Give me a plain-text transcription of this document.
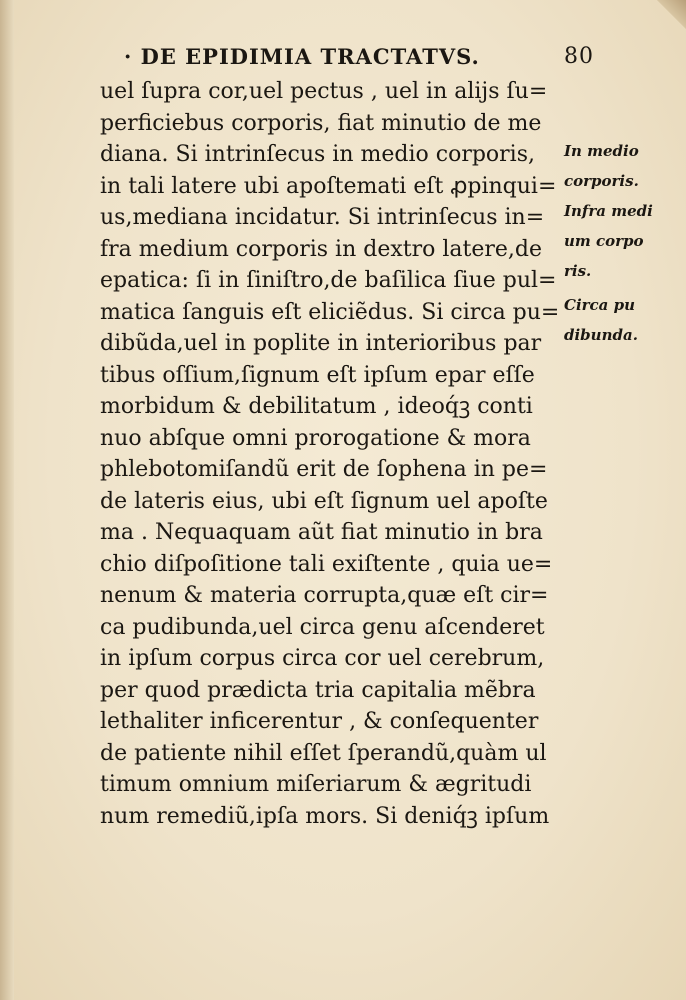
· DE EPIDIMIA TRACTATVS.	80
uel ſupra cor,uel pectus , uel in alijs ſu=
perficiebus corporis, fiat minutio de me
diana. Si intrinſecus in medio corporis,
in tali latere ubi apoſtemati eſt ꝓpinqui=
us,mediana incidatur. Si intrinſecus in=
fra medium corporis in dextro latere,de
epatica: ſi in ſiniſtro,de baſilica ſiue pul=
matica ſanguis eſt eliciẽdus. Si circa pu=
dibũda,uel in poplite in interioribus par
tibus oſſium,ſignum eſt ipſum epar eſſe
morbidum & debilitatum , ideoq́ꝫ conti
nuo abſque omni prorogatione & mora
phlebotomiſandũ erit de ſophena in pe=
de lateris eius, ubi eſt ſignum uel apoſte
ma . Nequaquam aũt fiat minutio in bra
chio diſpoſitione tali exiſtente , quia ue=
nenum & materia corrupta,quæ eſt cir=
ca pudibunda,uel circa genu aſcenderet
in ipſum corpus circa cor uel cerebrum,
per quod prædicta tria capitalia mẽbra
lethaliter inficerentur , & conſequenter
de patiente nihil eſſet ſperandũ,quàm ul
timum omnium miſeriarum & ægritudi
num remediũ,ipſa mors. Si deniq́ꝫ ipſum
In medio
corporis.
Infra medi
um corpo
ris.
Circa pu
dibunda.
